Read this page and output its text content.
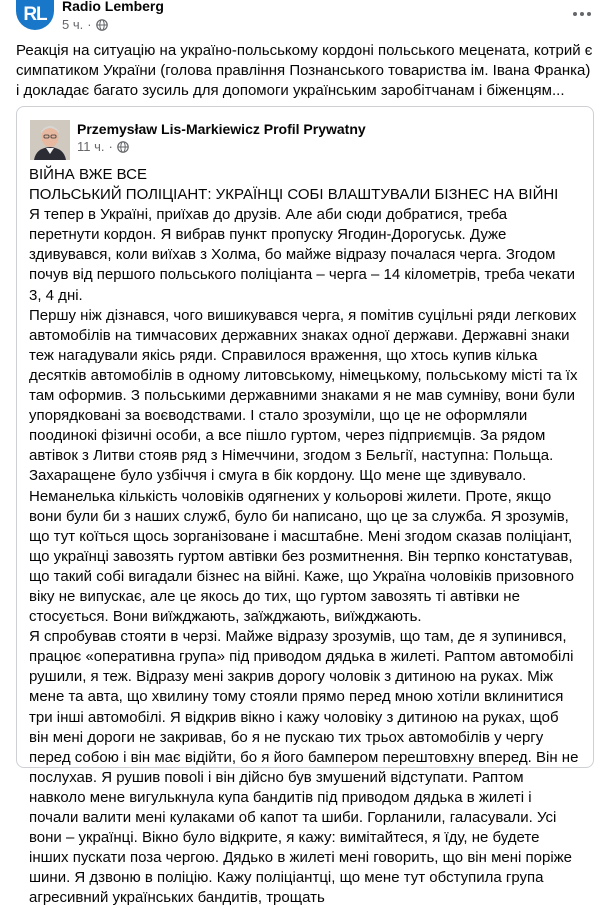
RL Radio Lemberg
5 ч. ·
Реакція на ситуацію на україно-польському кордоні польського мецената, котрий є симпатиком України (голова правління Познанського товариства ім. Івана Франка) і докладає багато зусиль для допомоги українським заробітчанам і біженцям...
Przemysław Lis-Markiewicz Profil Prywatny
11 ч. ·

ВІЙНА ВЖЕ ВСЕ

ПОЛЬСЬКИЙ ПОЛІЦІАНТ: УКРАЇНЦІ СОБІ ВЛАШТУВАЛИ БІЗНЕС НА ВІЙНІ

Я тепер в Україні, приїхав до друзів. Але аби сюди добратися, треба перетнути кордон. Я вибрав пункт пропуску Ягодин-Дорогуськ. Дуже здивувався, коли виїхав з Холма, бо майже відразу почалася черга. Згодом почув від першого польського поліціанта – черга – 14 кілометрів, треба чекати 3, 4 дні.

Першу ніж дізнався, чого вишикувався черга, я помітив суцільні ряди легкових автомобілів на тимчасових державних знаках одної держави. Державні знаки теж нагадували якісь ряди. Справилося враження, що хтось купив кілька десятків автомобілів в одному литовському, німецькому, польському місті та їх там оформив. З польськими державними знаками я не мав сумніву, вони були упорядковані за воєводствами. І стало зрозуміли, що це не оформляли поодинокі фізичні особи, а все пішло гуртом, через підприємців. За рядом автівок з Литви стояв ряд з Німеччини, згодом з Бельгії, наступна: Польща. Захаращене було узбіччя і смуга в бік кордону. Що мене ще здивувало.

Неманелька кількість чоловіків одягнених у кольорові жилети. Проте, якщо вони були би з наших служб, було би написано, що це за служба. Я зрозумів, що тут коїться щось зорганізоване і масштабне. Мені згодом сказав поліціант, що українці завозять гуртом автівки без розмитнення. Він терпко констатував, що такий собі вигадали бізнес на війні. Каже, що Україна чоловіків призовного віку не випускає, але це якось до тих, що гуртом завозять ті автівки не стосується. Вони виїжджають, заїжджають, виїжджають.

Я спробував стояти в черзі. Майже відразу зрозумів, що там, де я зупинився, працює «оперативна група» під приводом дядька в жилеті. Раптом автомобілі рушили, я теж. Відразу мені закрив дорогу чоловік з дитиною на руках. Між мене та авта, що хвилину тому стояли прямо перед мною хотіли вклинитися три інші автомобілі. Я відкрив вікно і кажу чоловіку з дитиною на руках, щоб він мені дороги не закривав, бо я не пускаю тих трьох автомобілів у чергу перед собою і він має відійти, бо я його бампером перештовхну вперед. Він не послухав. Я рушив повolі і він дійсно був змушений відступати. Раптом навколо мене вигулькнула купа бандитів під приводом дядька в жилеті і почали валити мені кулаками об капот та шиби. Горланили, галасували. Усі вони – українці. Вікно було відкрите, я кажу: вимітайтеся, я їду, не будете інших пускати поза чергою. Дядько в жилеті мені говорить, що він мені поріже шини. Я дзвоню в поліцію. Кажу поліціантці, що мене тут обступила група агресивний українських бандитів, трощать
